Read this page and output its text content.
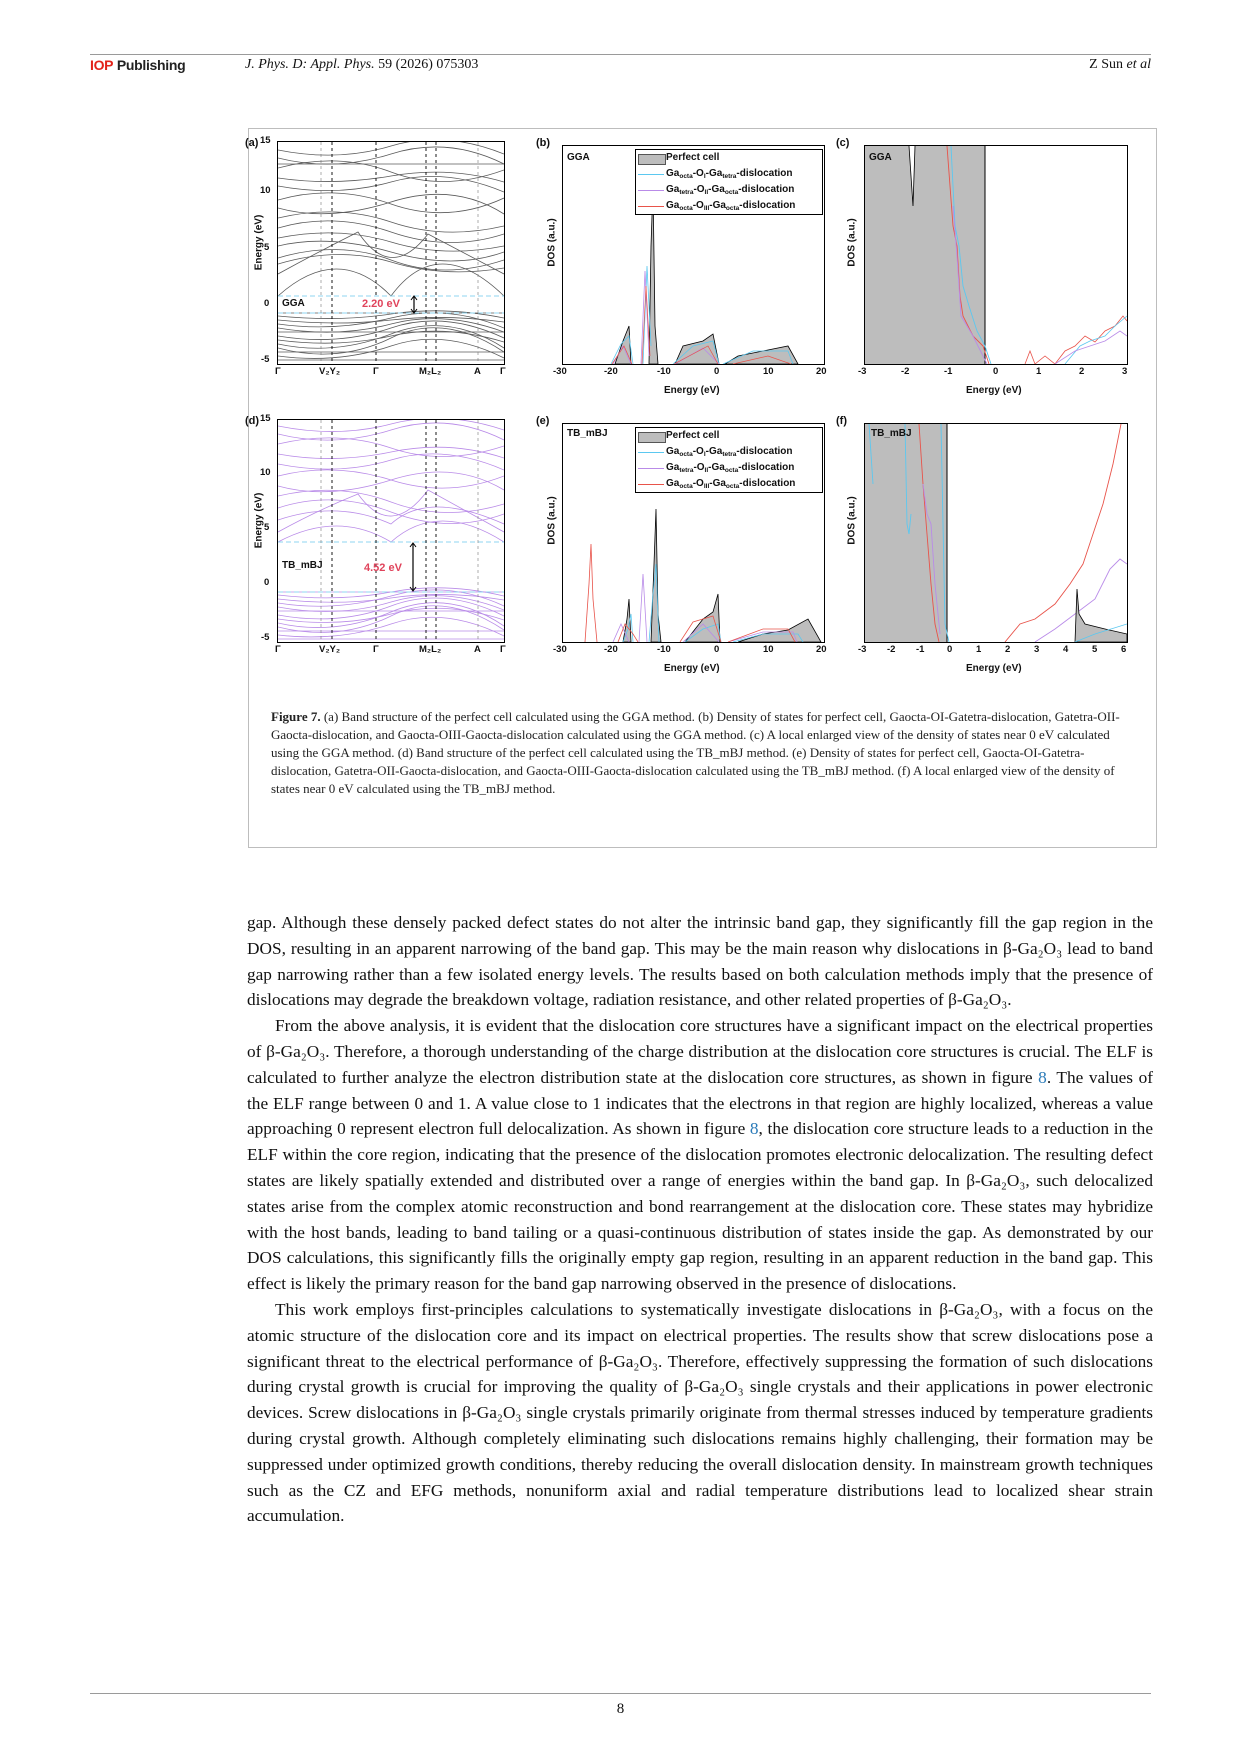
IOP Publishing	J. Phys. D: Appl. Phys. 59 (2026) 075303	Z Sun et al
(a) 15
10
5
0
-5
Energy (eV)
GGA	2.20 eV
Γ	V₂Y₂	Γ	M₂L₂	A Γ
(b)
DOS (a.u.)
GGA	Perfect cell
$Ga_{octa}-O_I-Ga_{tetra}$-dislocation
$Ga_{tetra}-O_{II}-Ga_{octa}$-dislocation
$Ga_{octa}-O_{III}-Ga_{octa}$-dislocation
-30	-20	-10	0	10	20
Energy (eV)
(c)
DOS (a.u.)
GGA
-3	-2	-1	0	1	2	3
Energy (eV)
(d) 15
10
5
0
-5
Energy (eV)
TB_mBJ	4.52 eV
Γ	V₂Y₂	Γ	M₂L₂	A Γ
(e)
DOS (a.u.)
TB_mBJ	Perfect cell
$Ga_{octa}-O_I-Ga_{tetra}$-dislocation
$Ga_{tetra}-O_{II}-Ga_{octa}$-dislocation
$Ga_{octa}-O_{III}-Ga_{octa}$-dislocation
-30	-20	-10	0	10	20
Energy (eV)
(f)
DOS (a.u.)
TB_mBJ
-3 -2 -1 0 1 2 3 4 5 6
Energy (eV)
Figure 7. (a) Band structure of the perfect cell calculated using the GGA method. (b) Density of states for perfect cell, Gaocta-OI-Gatetra-dislocation, Gatetra-OII-Gaocta-dislocation, and Gaocta-OIII-Gaocta-dislocation calculated using the GGA method. (c) A local enlarged view of the density of states near 0 eV calculated using the GGA method. (d) Band structure of the perfect cell calculated using the TB_mBJ method. (e) Density of states for perfect cell, Gaocta-OI-Gatetra-dislocation, Gatetra-OII-Gaocta-dislocation, and Gaocta-OIII-Gaocta-dislocation calculated using the TB_mBJ method. (f) A local enlarged view of the density of states near 0 eV calculated using the TB_mBJ method.

gap. Although these densely packed defect states do not alter the intrinsic band gap, they significantly fill the gap region in the DOS, resulting in an apparent narrowing of the band gap. This may be the main reason why dislocations in β-Ga₂O₃ lead to band gap narrowing rather than a few isolated energy levels. The results based on both calculation methods imply that the presence of dislocations may degrade the breakdown voltage, radiation resistance, and other related properties of β-Ga₂O₃.

From the above analysis, it is evident that the dislocation core structures have a significant impact on the electrical properties of β-Ga₂O₃. Therefore, a thorough understanding of the charge distribution at the dislocation core structures is crucial. The ELF is calculated to further analyze the electron distribution state at the dislocation core structures, as shown in figure 8. The values of the ELF range between 0 and 1. A value close to 1 indicates that the electrons in that region are highly localized, whereas a value approaching 0 represent electron full delocalization. As shown in figure 8, the dislocation core structure leads to a reduction in the ELF within the core region, indicating that the presence of the dislocation promotes electronic delocalization. The resulting defect states are likely spatially extended and distributed over a range of energies within the band gap. In β-Ga₂O₃, such delocalized states arise from the complex atomic reconstruction and bond rearrangement at the dislocation core. These states may hybridize with the host bands, leading to band tailing or a quasi-continuous distribution of states inside the gap. As demonstrated by our DOS calculations, this significantly fills the originally empty gap region, resulting in an apparent reduction in the band gap. This effect is likely the primary reason for the band gap narrowing observed in the presence of dislocations.

This work employs first-principles calculations to systematically investigate dislocations in β-Ga₂O₃, with a focus on the atomic structure of the dislocation core and its impact on electrical properties. The results show that screw dislocations pose a significant threat to the electrical performance of β-Ga₂O₃. Therefore, effectively suppressing the formation of such dislocations during crystal growth is crucial for improving the quality of β-Ga₂O₃ single crystals and their applications in power electronic devices. Screw dislocations in β-Ga₂O₃ single crystals primarily originate from thermal stresses induced by temperature gradients during crystal growth. Although completely eliminating such dislocations remains highly challenging, their formation may be suppressed under optimized growth conditions, thereby reducing the overall dislocation density. In mainstream growth techniques such as the CZ and EFG methods, nonuniform axial and radial temperature distributions lead to localized shear strain accumulation.

8
